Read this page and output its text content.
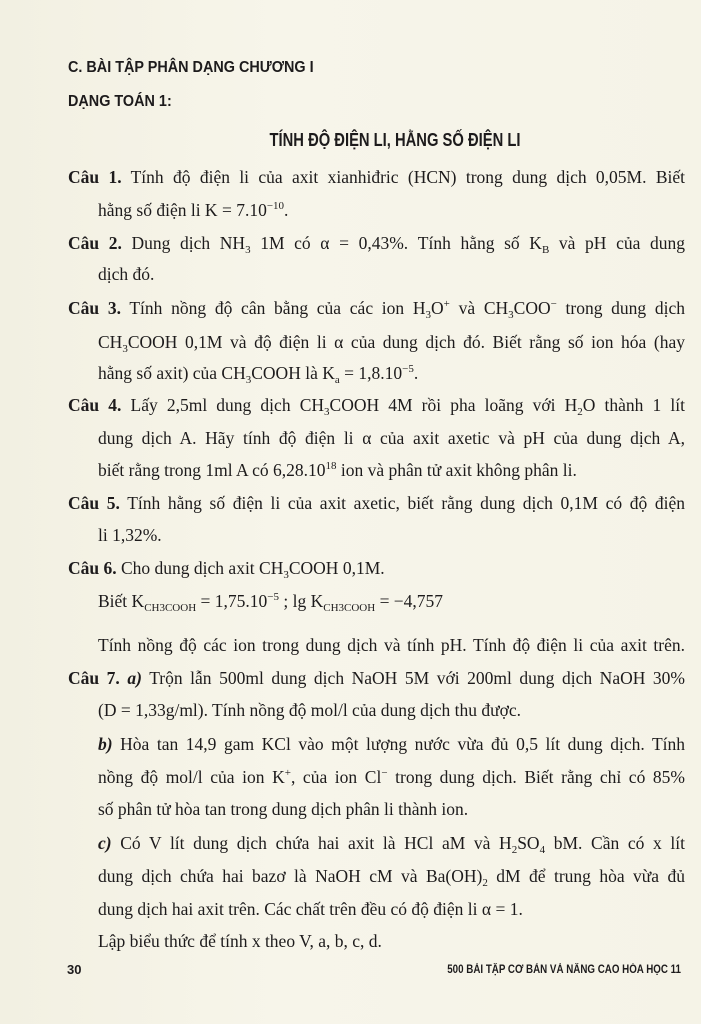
C. BÀI TẬP PHÂN DẠNG CHƯƠNG I
DẠNG TOÁN 1:
TÍNH ĐỘ ĐIỆN LI, HẰNG SỐ ĐIỆN LI
Câu 1. Tính độ điện li của axit xianhiđric (HCN) trong dung dịch 0,05M. Biết
hằng số điện li $K = 7.10^{-10}$.
Câu 2. Dung dịch $NH_3$ 1M có α = 0,43%. Tính hằng số $K_B$ và pH của dung
dịch đó.
Câu 3. Tính nồng độ cân bằng của các ion $H_3O^+$ và $CH_3COO^-$ trong dung dịch
$CH_3COOH$ 0,1M và độ điện li α của dung dịch đó. Biết rằng số ion hóa (hay
hằng số axit) của $CH_3COOH$ là $K_a = 1,8.10^{-5}$.
Câu 4. Lấy 2,5ml dung dịch $CH_3COOH$ 4M rồi pha loãng với $H_2O$ thành 1 lít
dung dịch A. Hãy tính độ điện li α của axit axetic và pH của dung dịch A,
biết rằng trong 1ml A có 6,28.10$^{18}$ ion và phân tử axit không phân li.
Câu 5. Tính hằng số điện li của axit axetic, biết rằng dung dịch 0,1M có độ điện
li 1,32%.
Câu 6. Cho dung dịch axit $CH_3COOH$ 0,1M.
Biết $K_{CH3COOH} = 1,75.10^{-5}$ ; $\lg K_{CH3COOH} = -4,757$
Tính nồng độ các ion trong dung dịch và tính pH. Tính độ điện li của axit trên.
Câu 7. a) Trộn lẫn 500ml dung dịch NaOH 5M với 200ml dung dịch NaOH 30%
(D = 1,33g/ml). Tính nồng độ mol/l của dung dịch thu được.
b) Hòa tan 14,9 gam KCl vào một lượng nước vừa đủ 0,5 lít dung dịch. Tính
nồng độ mol/l của ion K+, của ion Cl− trong dung dịch. Biết rằng chỉ có 85%
số phân tử hòa tan trong dung dịch phân li thành ion.
c) Có V lít dung dịch chứa hai axit là HCl aM và $H_2SO_4$ bM. Cần có x lít
dung dịch chứa hai bazơ là NaOH cM và $Ba(OH)_2$ dM để trung hòa vừa đủ
dung dịch hai axit trên. Các chất trên đều có độ điện li α = 1.
Lập biểu thức để tính x theo V, a, b, c, d.
30	500 BÀI TẬP CƠ BẢN VÀ NÂNG CAO HÓA HỌC 11
